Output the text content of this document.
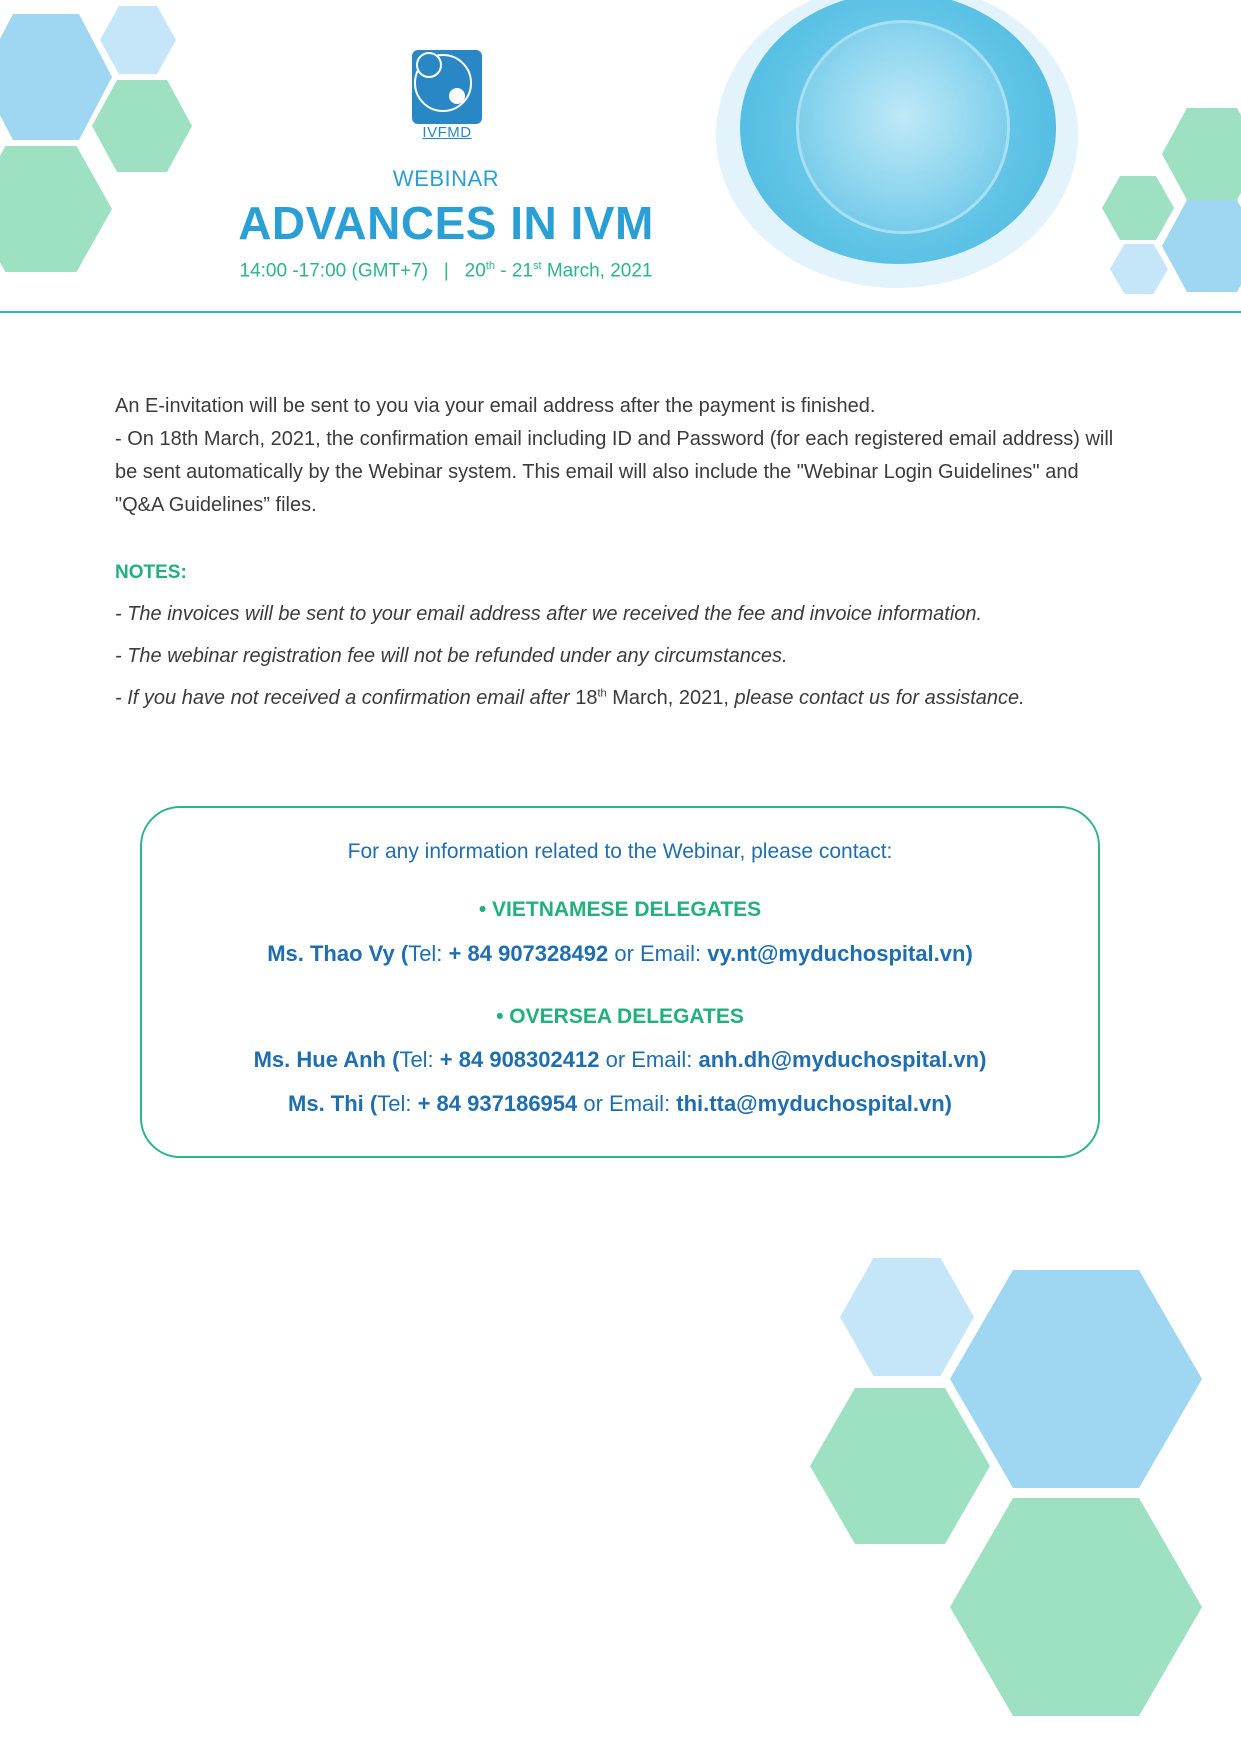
IVFMD
WEBINAR
ADVANCES IN IVM
14:00 -17:00 (GMT+7) | 20th - 21st March, 2021
An E-invitation will be sent to you via your email address after the payment is finished.
- On 18th March, 2021, the confirmation email including ID and Password (for each registered email address) will be sent automatically by the Webinar system. This email will also include the "Webinar Login Guidelines" and "Q&A Guidelines” files.
NOTES:
- The invoices will be sent to your email address after we received the fee and invoice information.
- The webinar registration fee will not be refunded under any circumstances.
- If you have not received a confirmation email after 18th March, 2021, please contact us for assistance.
For any information related to the Webinar, please contact:
• VIETNAMESE DELEGATES
Ms. Thao Vy (Tel: + 84 907328492 or Email: vy.nt@myduchospital.vn)
• OVERSEA DELEGATES
Ms. Hue Anh (Tel: + 84 908302412 or Email: anh.dh@myduchospital.vn)
Ms. Thi (Tel: + 84 937186954 or Email: thi.tta@myduchospital.vn)
